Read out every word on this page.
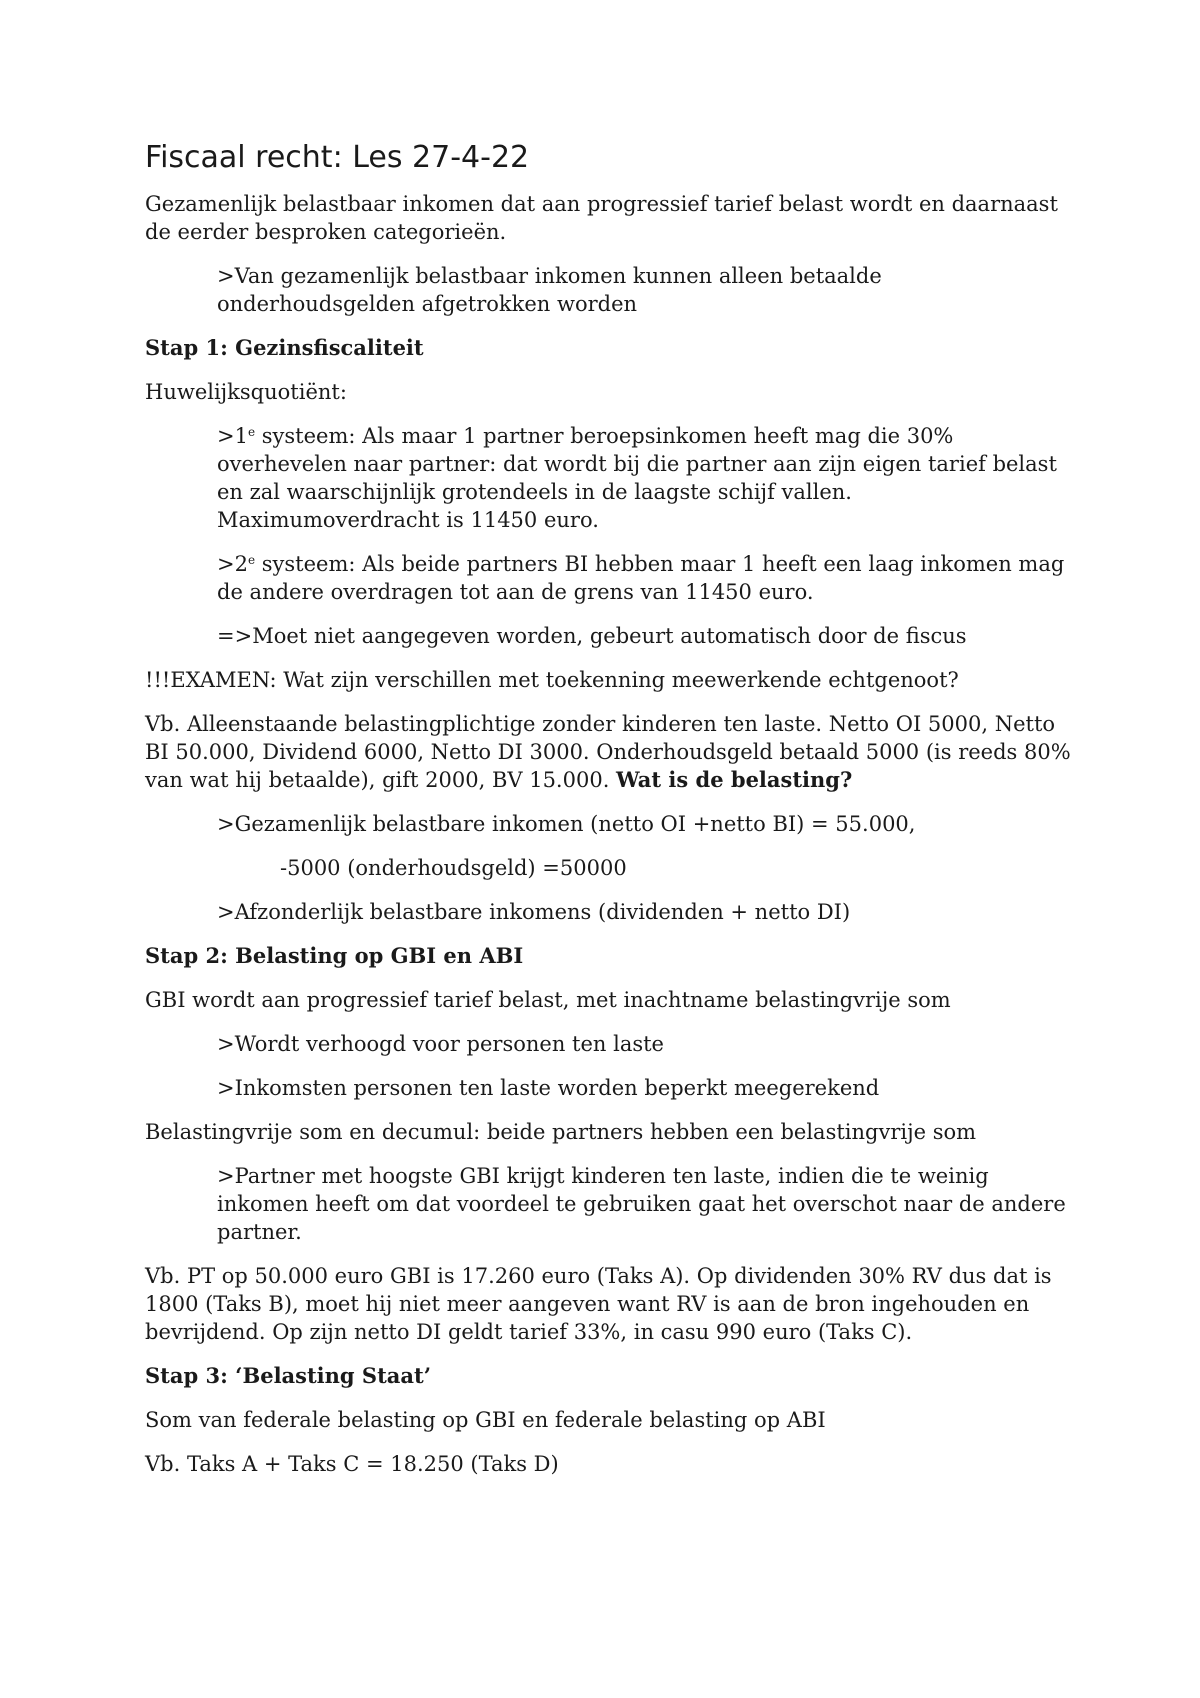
Fiscaal recht: Les 27-4-22

Gezamenlijk belastbaar inkomen dat aan progressief tarief belast wordt en daarnaast de eerder besproken categorieën.

>Van gezamenlijk belastbaar inkomen kunnen alleen betaalde onderhoudsgelden afgetrokken worden

Stap 1: Gezinsfiscaliteit

Huwelijksquotiënt:

$>1^e$ systeem: Als maar 1 partner beroepsinkomen heeft mag die 30% overhevelen naar partner: dat wordt bij die partner aan zijn eigen tarief belast en zal waarschijnlijk grotendeels in de laagste schijf vallen. Maximumoverdracht is 11450 euro.

$>2^e$ systeem: Als beide partners BI hebben maar 1 heeft een laag inkomen mag de andere overdragen tot aan de grens van 11450 euro.

=>Moet niet aangegeven worden, gebeurt automatisch door de fiscus

!!!EXAMEN: Wat zijn verschillen met toekenning meewerkende echtgenoot?

Vb. Alleenstaande belastingplichtige zonder kinderen ten laste. Netto OI 5000, Netto BI 50.000, Dividend 6000, Netto DI 3000. Onderhoudsgeld betaald 5000 (is reeds 80% van wat hij betaalde), gift 2000, BV 15.000. Wat is de belasting?

>Gezamenlijk belastbare inkomen (netto OI +netto BI) = 55.000,

-5000 (onderhoudsgeld) =50000

>Afzonderlijk belastbare inkomens (dividenden + netto DI)

Stap 2: Belasting op GBI en ABI

GBI wordt aan progressief tarief belast, met inachtname belastingvrije som

>Wordt verhoogd voor personen ten laste

>Inkomsten personen ten laste worden beperkt meegerekend

Belastingvrije som en decumul: beide partners hebben een belastingvrije som

>Partner met hoogste GBI krijgt kinderen ten laste, indien die te weinig inkomen heeft om dat voordeel te gebruiken gaat het overschot naar de andere partner.

Vb. PT op 50.000 euro GBI is 17.260 euro (Taks A). Op dividenden 30% RV dus dat is 1800 (Taks B), moet hij niet meer aangeven want RV is aan de bron ingehouden en bevrijdend. Op zijn netto DI geldt tarief 33%, in casu 990 euro (Taks C).

Stap 3: ‘Belasting Staat’

Som van federale belasting op GBI en federale belasting op ABI

Vb. Taks A + Taks C = 18.250 (Taks D)
